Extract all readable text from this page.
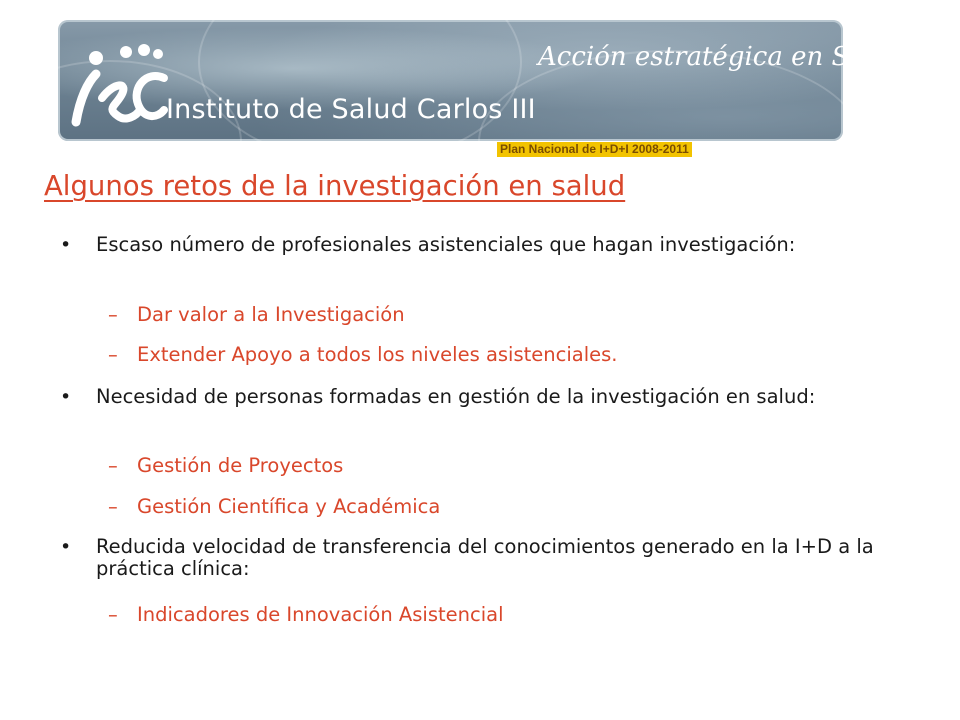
Instituto de Salud Carlos III
Acción estratégica en Salud
Plan Nacional de I+D+I 2008-2011
Algunos retos de la investigación en salud
• Escaso número de profesionales asistenciales que hagan investigación:
– Dar valor a la Investigación
– Extender Apoyo a todos los niveles asistenciales.
• Necesidad de personas formadas en gestión de la investigación en salud:
– Gestión de Proyectos
– Gestión Científica y Académica
• Reducida velocidad de transferencia del conocimientos generado en la I+D a la práctica clínica:
– Indicadores de Innovación Asistencial
